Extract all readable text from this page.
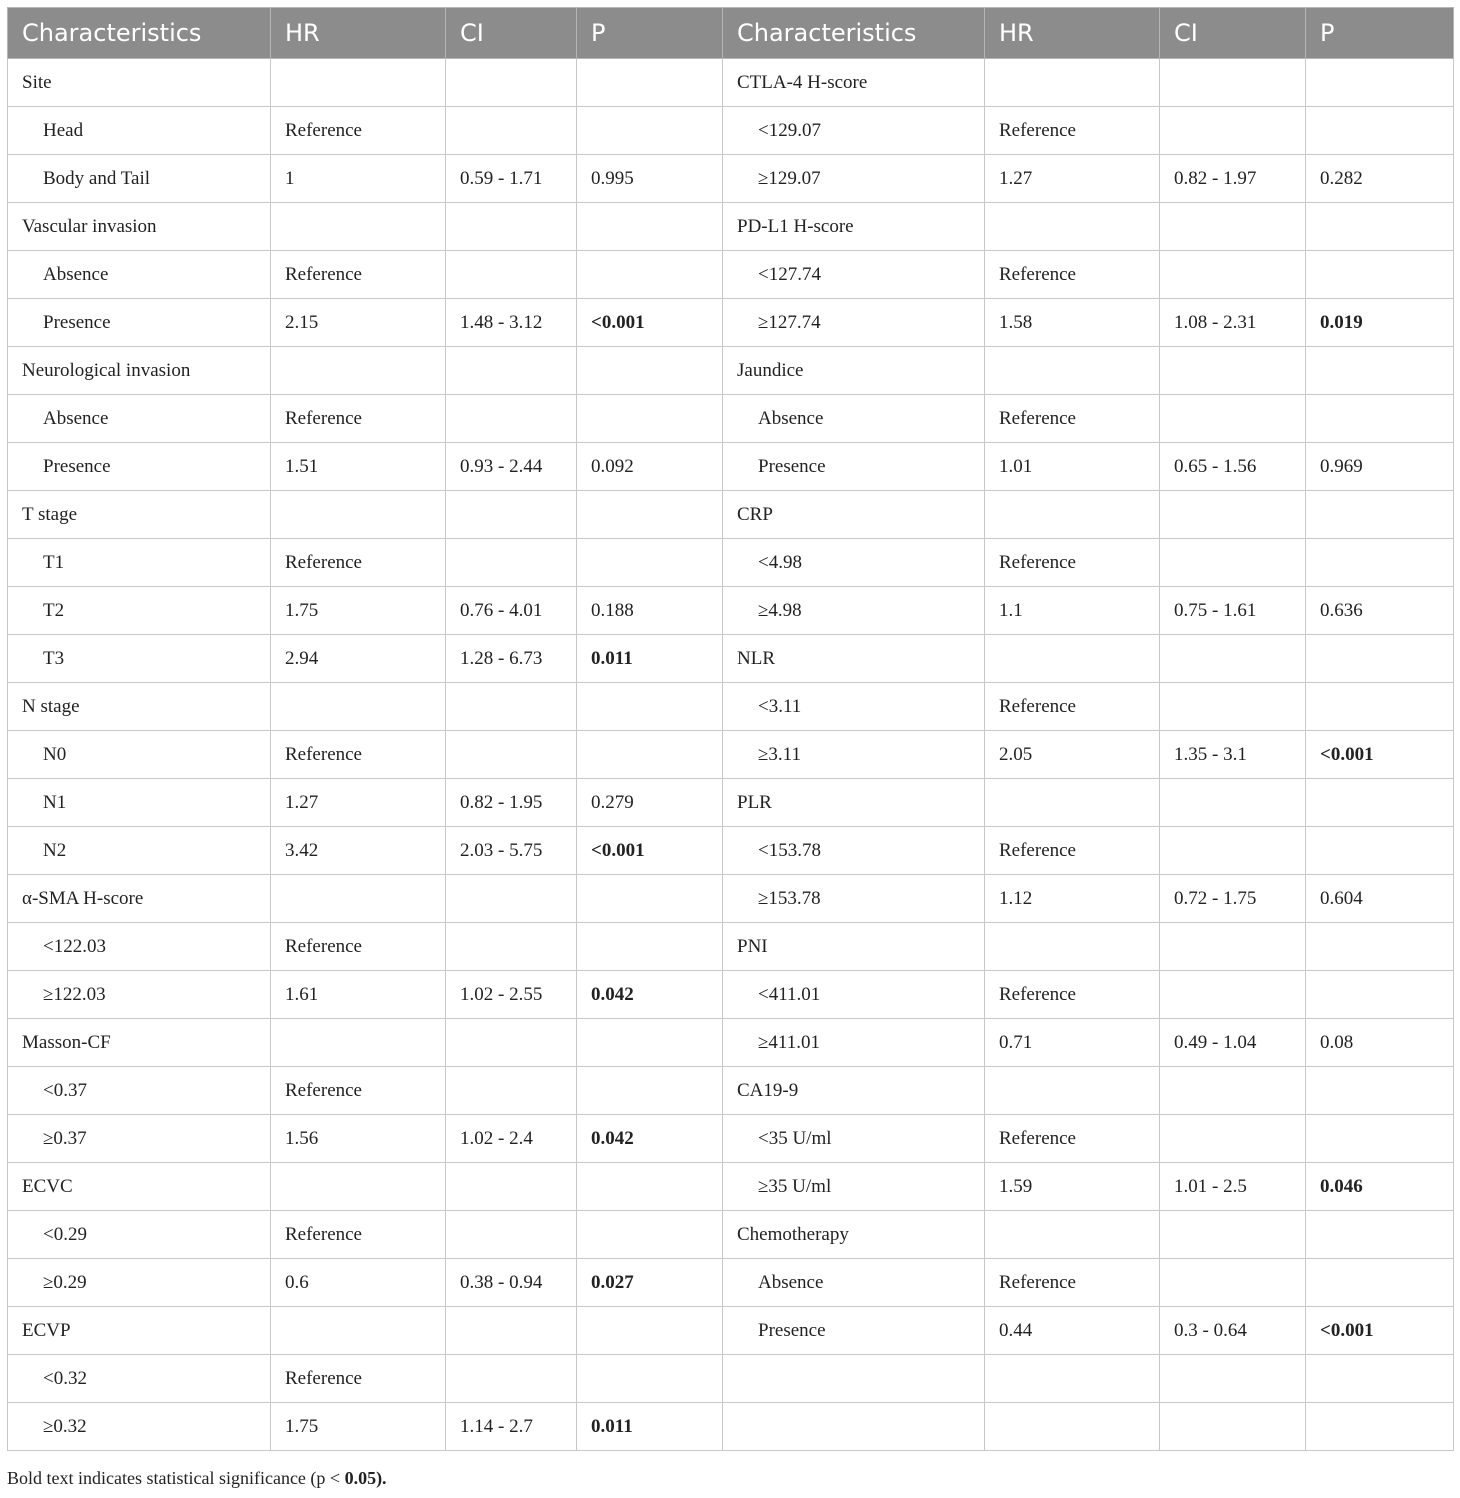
Characteristics	HR	CI	P	Characteristics	HR	CI	P
Site				CTLA-4 H-score			
Head	Reference			<129.07	Reference		
Body and Tail	1	0.59 - 1.71	0.995	≥129.07	1.27	0.82 - 1.97	0.282
Vascular invasion				PD-L1 H-score			
Absence	Reference			<127.74	Reference		
Presence	2.15	1.48 - 3.12	<0.001	≥127.74	1.58	1.08 - 2.31	0.019
Neurological invasion				Jaundice			
Absence	Reference			Absence	Reference		
Presence	1.51	0.93 - 2.44	0.092	Presence	1.01	0.65 - 1.56	0.969
T stage				CRP			
T1	Reference			<4.98	Reference		
T2	1.75	0.76 - 4.01	0.188	≥4.98	1.1	0.75 - 1.61	0.636
T3	2.94	1.28 - 6.73	0.011	NLR			
N stage				<3.11	Reference		
N0	Reference			≥3.11	2.05	1.35 - 3.1	<0.001
N1	1.27	0.82 - 1.95	0.279	PLR			
N2	3.42	2.03 - 5.75	<0.001	<153.78	Reference		
α-SMA H-score				≥153.78	1.12	0.72 - 1.75	0.604
<122.03	Reference			PNI			
≥122.03	1.61	1.02 - 2.55	0.042	<411.01	Reference		
Masson-CF				≥411.01	0.71	0.49 - 1.04	0.08
<0.37	Reference			CA19-9			
≥0.37	1.56	1.02 - 2.4	0.042	<35 U/ml	Reference		
ECVC				≥35 U/ml	1.59	1.01 - 2.5	0.046
<0.29	Reference			Chemotherapy			
≥0.29	0.6	0.38 - 0.94	0.027	Absence	Reference		
ECVP				Presence	0.44	0.3 - 0.64	<0.001
<0.32	Reference						
≥0.32	1.75	1.14 - 2.7	0.011				
Bold text indicates statistical significance (p < 0.05).
